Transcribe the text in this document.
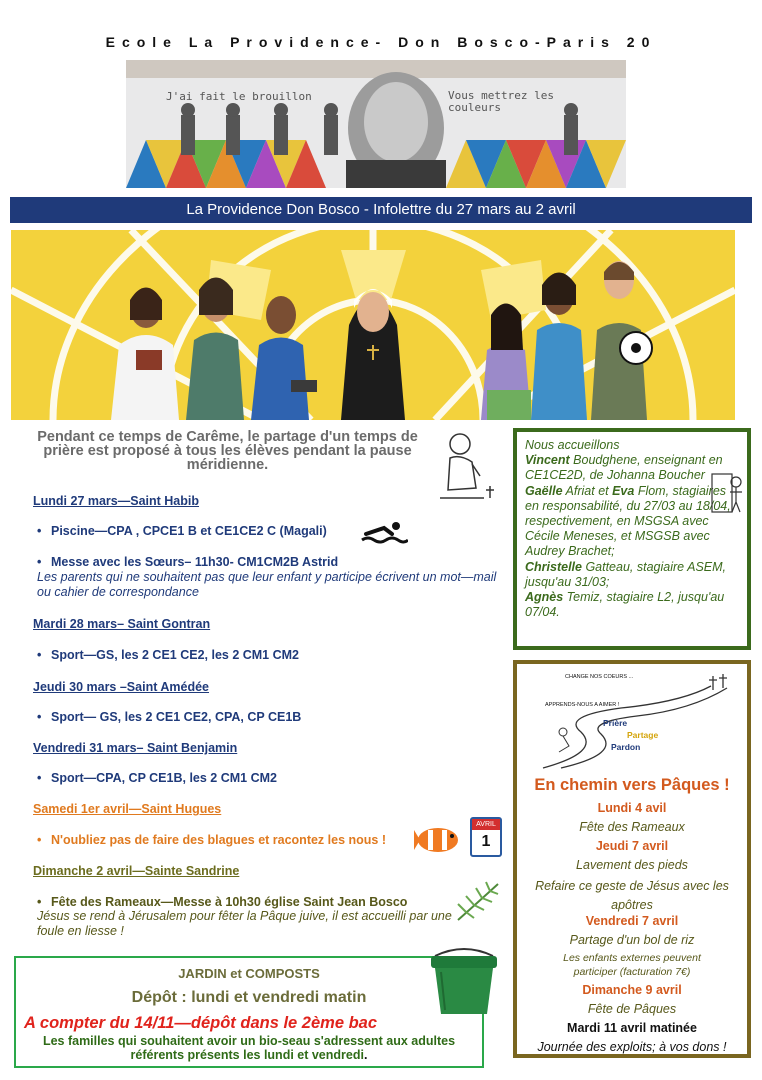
Ecole La Providence- Don Bosco-Paris 20
J'ai fait le brouillon	Vous mettrez les couleurs
La Providence Don Bosco - Infolettre du 27 mars au 2 avril
Pendant ce temps de Carême, le partage d'un temps de prière est proposé à tous les élèves pendant la pause méridienne.
Lundi 27 mars—Saint Habib
• Piscine—CPA , CPCE1 B et CE1CE2 C (Magali)
• Messe avec les Sœurs– 11h30- CM1CM2B Astrid
Les parents qui ne souhaitent pas que leur enfant y participe écrivent un mot—mail ou cahier de correspondance
Mardi 28 mars– Saint Gontran
• Sport—GS, les 2 CE1 CE2, les 2 CM1 CM2
Jeudi 30 mars –Saint Amédée
• Sport— GS, les 2 CE1 CE2, CPA, CP CE1B
Vendredi 31 mars– Saint Benjamin
• Sport—CPA, CP CE1B, les 2 CM1 CM2
Samedi 1er avril—Saint Hugues
• N'oubliez pas de faire des blagues et racontez les nous !
AVRIL
1
Dimanche 2 avril—Sainte Sandrine
• Fête des Rameaux—Messe à 10h30 église Saint Jean Bosco
Jésus se rend à Jérusalem pour fêter la Pâque juive, il est accueilli par une foule en liesse !
Nous accueillons
Vincent Boudghene, enseignant en CE1CE2D, de Johanna Boucher
Gaëlle Afriat et Eva Flom, stagiaires en responsabilité, du 27/03 au 18/04, respectivement, en MSGSA avec Cécile Meneses, et MSGSB avec Audrey Brachet;
Christelle Gatteau, stagiaire ASEM, jusqu'au 31/03;
Agnès Temiz, stagiaire L2, jusqu'au 07/04.
CHANGE NOS COEURS ...
APPRENDS-NOUS A AIMER !
Prière
Partage
Pardon
En chemin vers Pâques !
Lundi 4 avil
Fête des Rameaux
Jeudi 7 avril
Lavement des pieds
Refaire ce geste de Jésus avec les apôtres
Vendredi 7 avril
Partage d'un bol de riz
Les enfants externes peuvent participer (facturation 7€)
Dimanche 9 avril
Fête de Pâques
Mardi 11 avril matinée
Journée des exploits; à vos dons !
JARDIN et COMPOSTS
Dépôt : lundi et vendredi matin
A compter du 14/11—dépôt dans le 2ème bac
Les familles qui souhaitent avoir un bio-seau s'adressent aux adultes référents présents les lundi et vendredi.
